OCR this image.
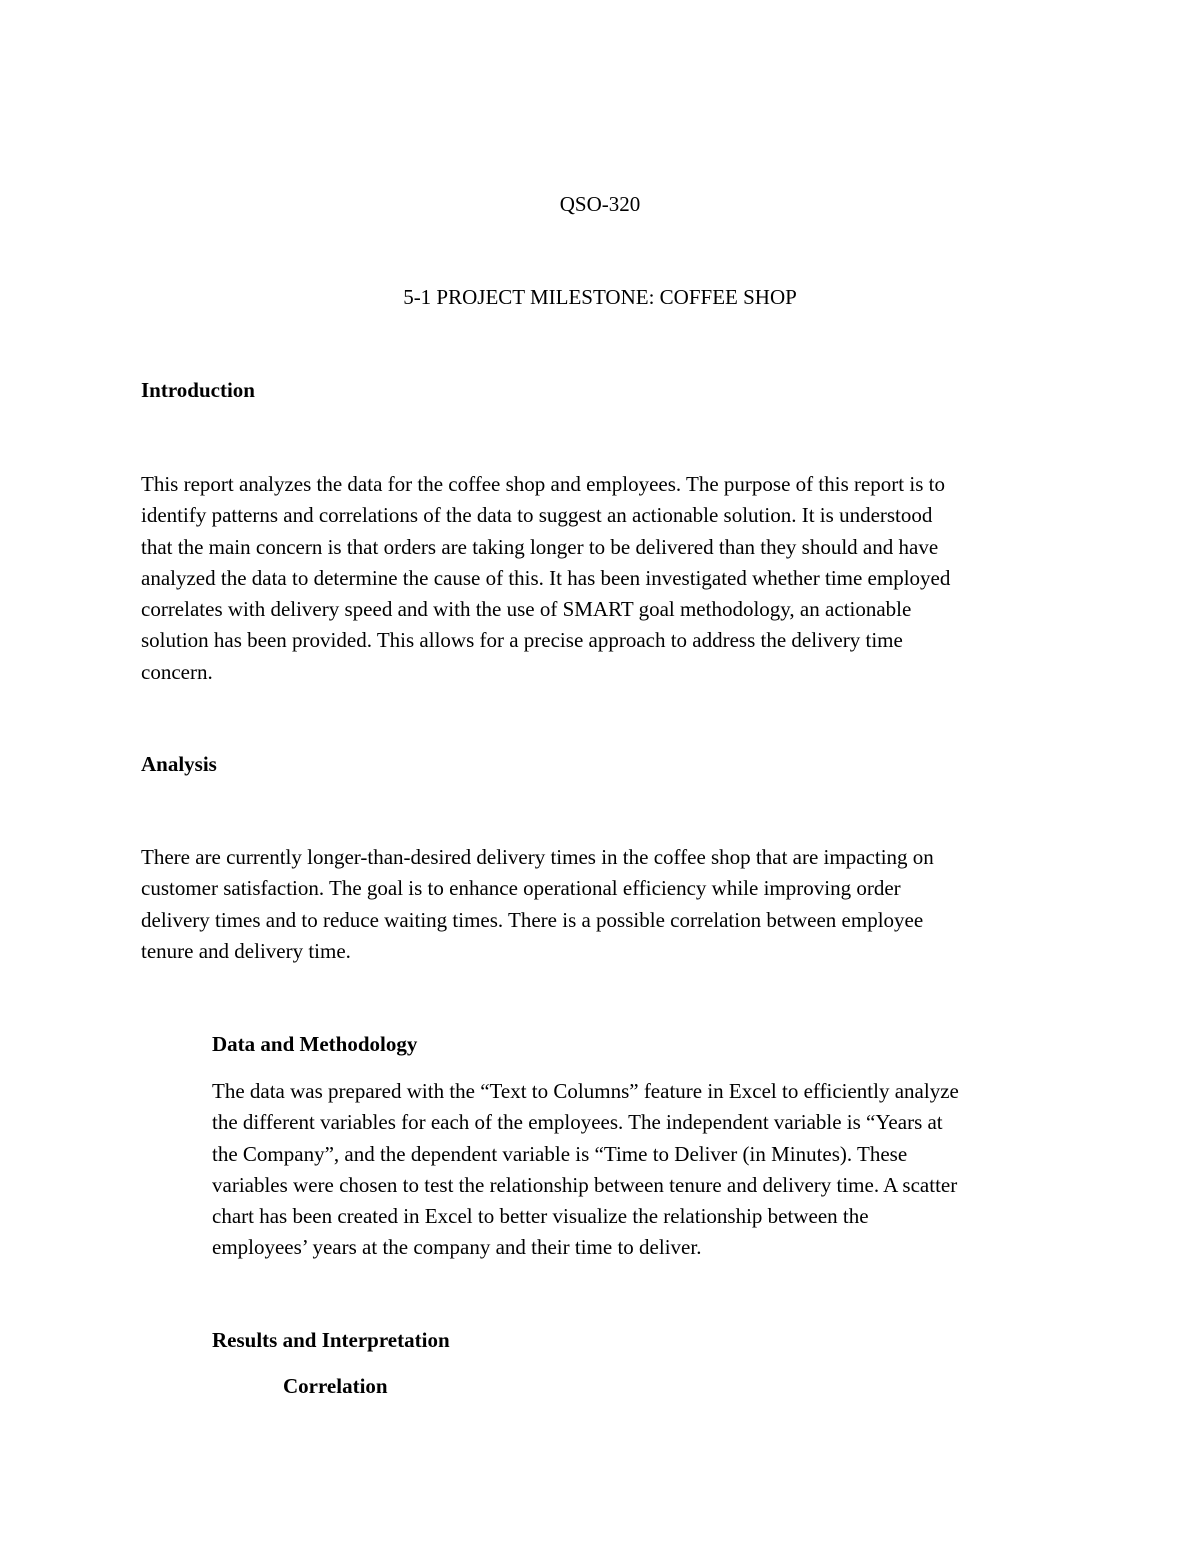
QSO-320
5-1 PROJECT MILESTONE: COFFEE SHOP
Introduction
This report analyzes the data for the coffee shop and employees. The purpose of this report is to
identify patterns and correlations of the data to suggest an actionable solution. It is understood
that the main concern is that orders are taking longer to be delivered than they should and have
analyzed the data to determine the cause of this. It has been investigated whether time employed
correlates with delivery speed and with the use of SMART goal methodology, an actionable
solution has been provided. This allows for a precise approach to address the delivery time
concern.
Analysis
There are currently longer-than-desired delivery times in the coffee shop that are impacting on
customer satisfaction. The goal is to enhance operational efficiency while improving order
delivery times and to reduce waiting times. There is a possible correlation between employee
tenure and delivery time.
Data and Methodology
The data was prepared with the “Text to Columns” feature in Excel to efficiently analyze
the different variables for each of the employees. The independent variable is “Years at
the Company”, and the dependent variable is “Time to Deliver (in Minutes). These
variables were chosen to test the relationship between tenure and delivery time. A scatter
chart has been created in Excel to better visualize the relationship between the
employees’ years at the company and their time to deliver.
Results and Interpretation
Correlation
